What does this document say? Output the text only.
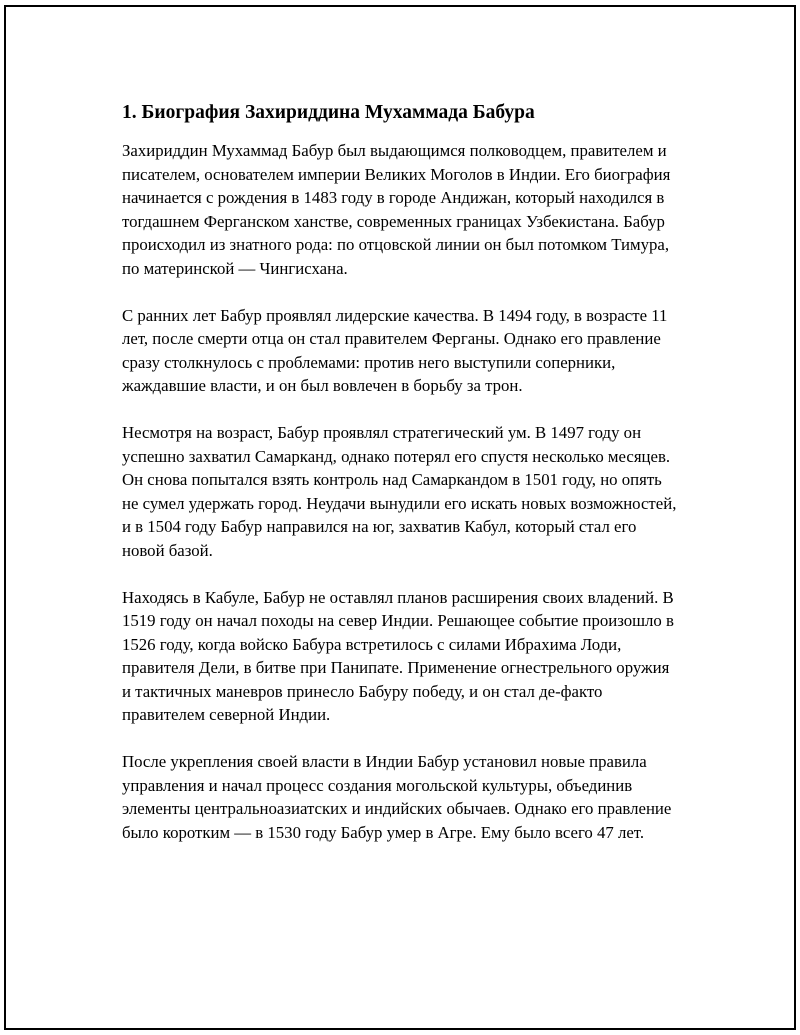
1. Биография Захириддина Мухаммада Бабура

Захириддин Мухаммад Бабур был выдающимся полководцем, правителем и писателем, основателем империи Великих Моголов в Индии. Его биография начинается с рождения в 1483 году в городе Андижан, который находился в тогдашнем Ферганском ханстве, современных границах Узбекистана. Бабур происходил из знатного рода: по отцовской линии он был потомком Тимура, по материнской — Чингисхана.

С ранних лет Бабур проявлял лидерские качества. В 1494 году, в возрасте 11 лет, после смерти отца он стал правителем Ферганы. Однако его правление сразу столкнулось с проблемами: против него выступили соперники, жаждавшие власти, и он был вовлечен в борьбу за трон.

Несмотря на возраст, Бабур проявлял стратегический ум. В 1497 году он успешно захватил Самарканд, однако потерял его спустя несколько месяцев. Он снова попытался взять контроль над Самаркандом в 1501 году, но опять не сумел удержать город. Неудачи вынудили его искать новых возможностей, и в 1504 году Бабур направился на юг, захватив Кабул, который стал его новой базой.

Находясь в Кабуле, Бабур не оставлял планов расширения своих владений. В 1519 году он начал походы на север Индии. Решающее событие произошло в 1526 году, когда войско Бабура встретилось с силами Ибрахима Лоди, правителя Дели, в битве при Панипате. Применение огнестрельного оружия и тактичных маневров принесло Бабуру победу, и он стал де-факто правителем северной Индии.

После укрепления своей власти в Индии Бабур установил новые правила управления и начал процесс создания могольской культуры, объединив элементы центральноазиатских и индийских обычаев. Однако его правление было коротким — в 1530 году Бабур умер в Агре. Ему было всего 47 лет.
